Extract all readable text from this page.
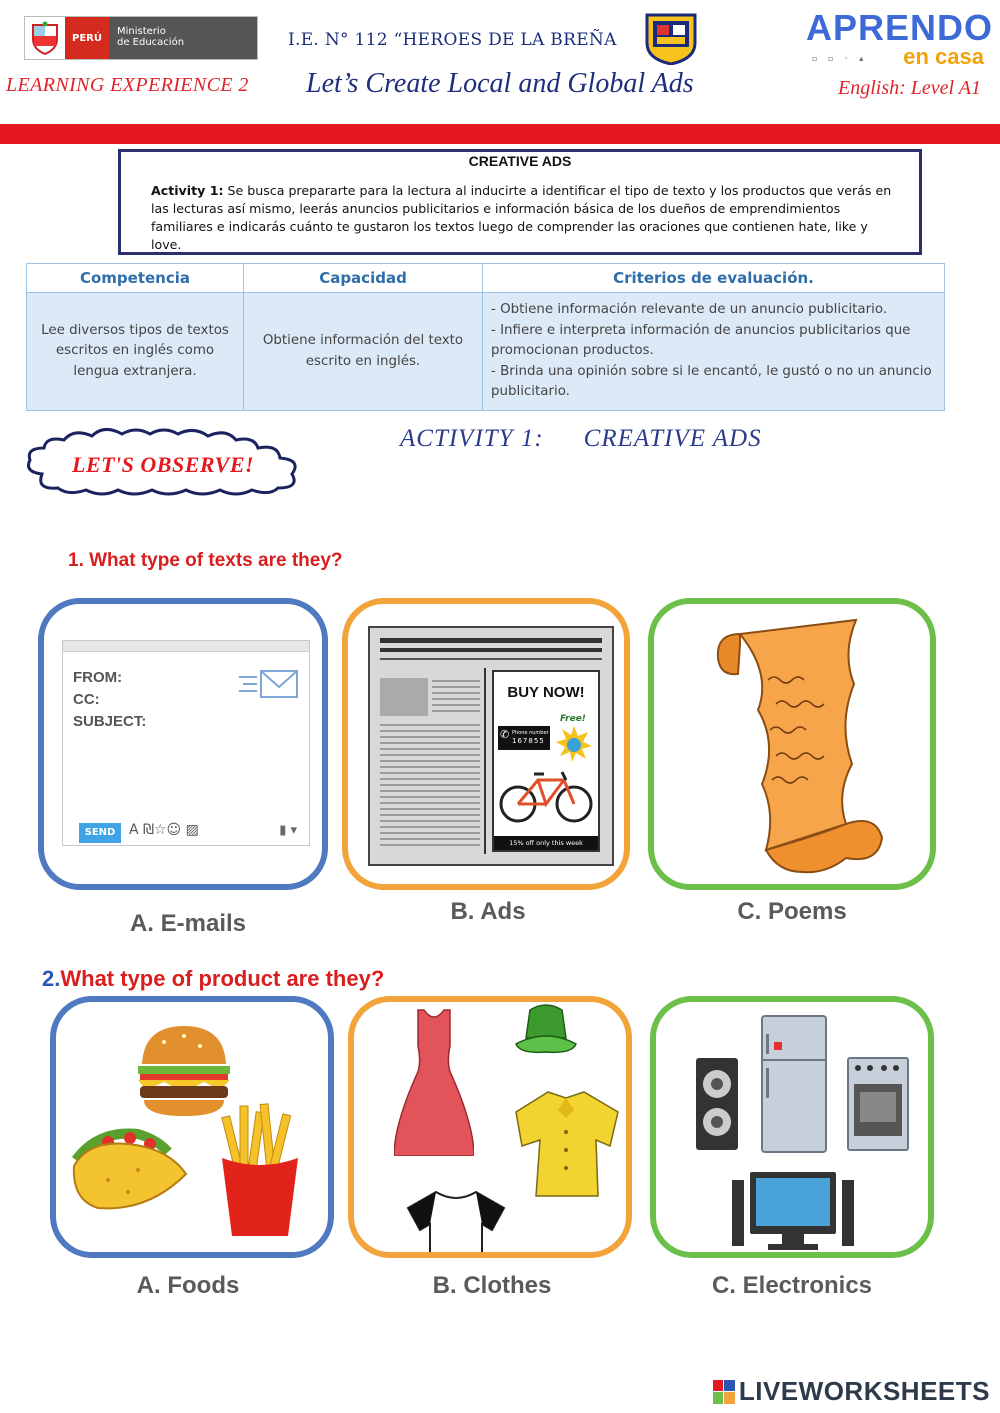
PERÚ
Ministerio
de Educación	I.E. N° 112 “HEROES DE LA BREÑA	APRENDO
en casa
▫ ▫ ◦ ▴
LEARNING EXPERIENCE 2 Let’s Create Local and Global Ads	English: Level A1
CREATIVE ADS
Activity 1: Se busca prepararte para la lectura al inducirte a identificar el tipo de texto y los productos que verás en las lecturas así mismo, leerás anuncios publicitarios e información básica de los dueños de emprendimientos familiares e indicarás cuánto te gustaron los textos luego de comprender las oraciones que contienen hate, like y love.
Competencia	Capacidad	Criterios de evaluación.
Lee diversos tipos de textos escritos en inglés como lengua extranjera.	Obtiene información del texto escrito en inglés.	- Obtiene información relevante de un anuncio publicitario.
- Infiere e interpreta información de anuncios publicitarios que promocionan productos.
- Brinda una opinión sobre si le encantó, le gustó o no un anuncio publicitario.
LET'S OBSERVE!
ACTIVITY 1: CREATIVE ADS
1. What type of texts are they?
FROM:
CC:
SUBJECT:
SEND A ₪☆☺ ▨	▮ ▾
A. E-mails
BUY NOW!
✆ Phone number
167855
Free!
15% off only this week
B. Ads	C. Poems
2.What type of product are they?
A. Foods	B. Clothes	C. Electronics
LIVEWORKSHEETS
